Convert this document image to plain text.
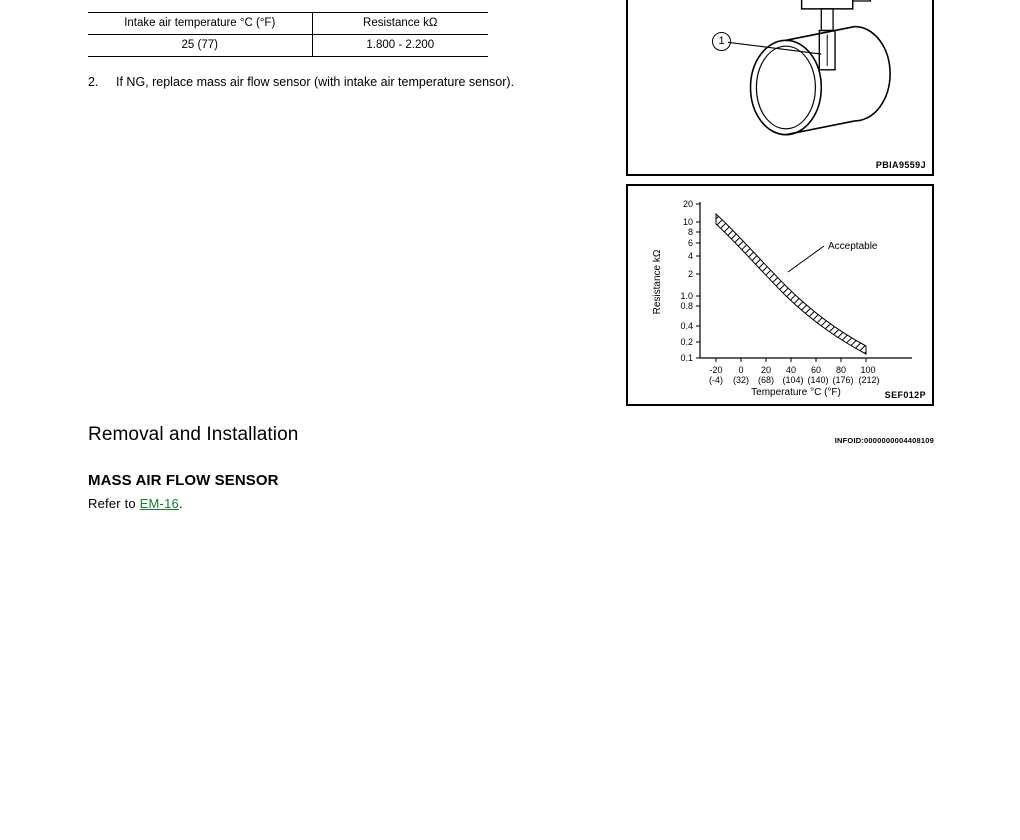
Intake air temperature °C (°F)	Resistance kΩ
25 (77)	1.800 - 2.200
2.	If NG, replace mass air flow sensor (with intake air temperature sensor).
1
PBIA9559J
20
10
8
6
4
2
1.0
0.8
0.4
0.2
0.1
Resistance kΩ
-20 0 20 40 60 80 100
(-4) (32) (68) (104) (140) (176) (212)
Temperature °C (°F)
Acceptable
SEF012P
Removal and Installation	INFOID:0000000004408109
MASS AIR FLOW SENSOR
Refer to EM-16.
